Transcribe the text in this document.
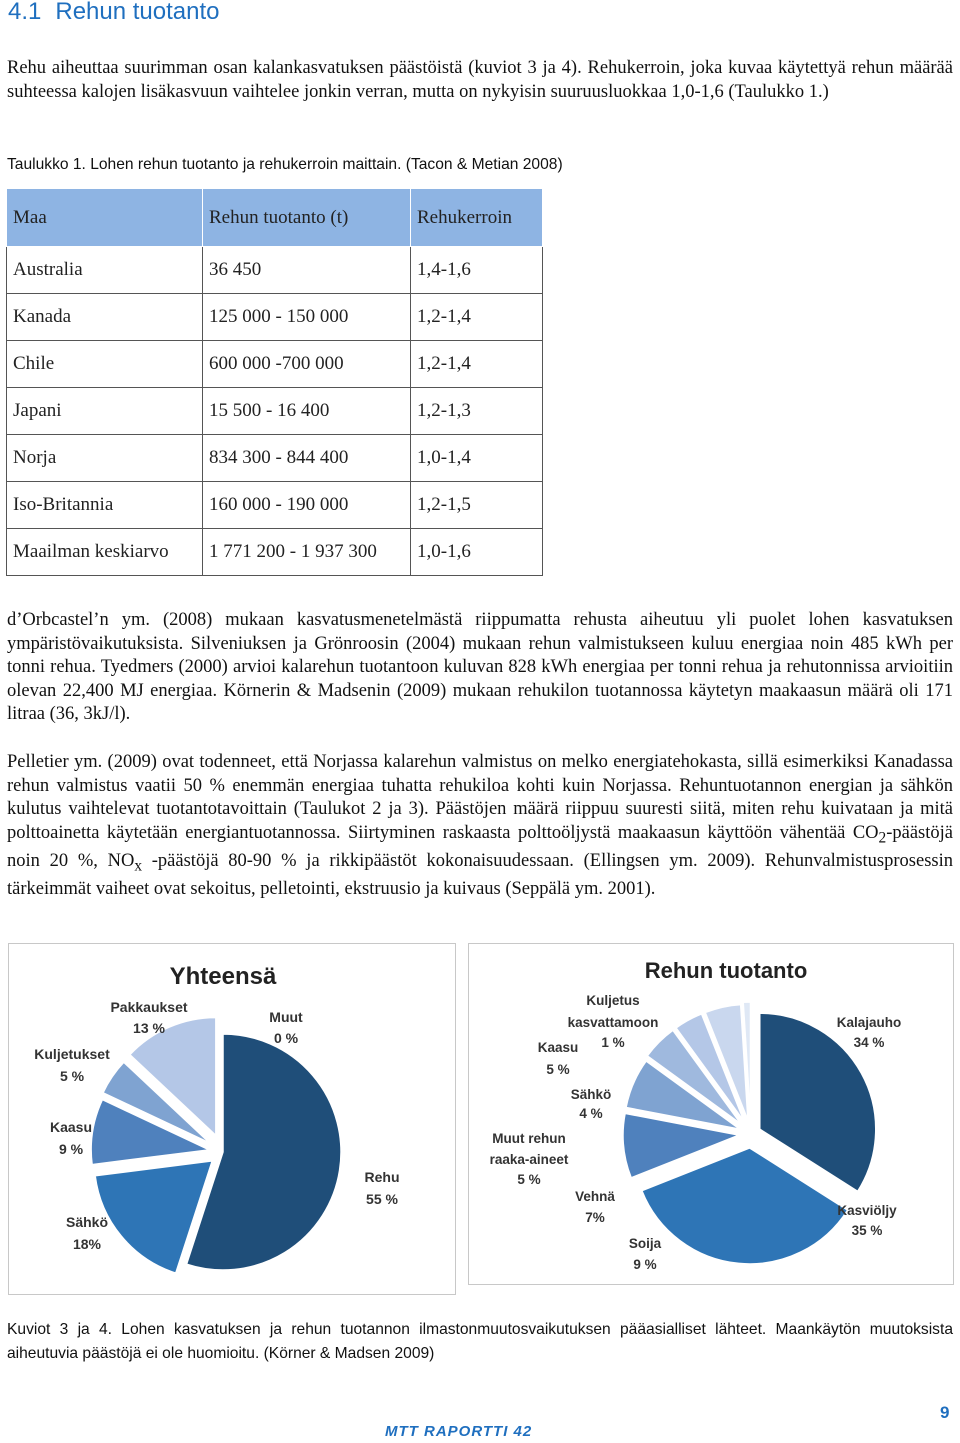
4.1 Rehun tuotanto
Rehu aiheuttaa suurimman osan kalankasvatuksen päästöistä (kuviot 3 ja 4). Rehukerroin, joka kuvaa käytettyä rehun määrää suhteessa kalojen lisäkasvuun vaihtelee jonkin verran, mutta on nykyisin suuruusluokkaa 1,0-1,6 (Taulukko 1.)
Taulukko 1. Lohen rehun tuotanto ja rehukerroin maittain. (Tacon & Metian 2008)
Maa	Rehun tuotanto (t)	Rehukerroin
Australia	36 450	1,4-1,6
Kanada	125 000 - 150 000	1,2-1,4
Chile	600 000 -700 000	1,2-1,4
Japani	15 500 - 16 400	1,2-1,3
Norja	834 300 - 844 400	1,0-1,4
Iso-Britannia	160 000 - 190 000	1,2-1,5
Maailman keskiarvo	1 771 200 - 1 937 300	1,0-1,6
d’Orbcastel’n ym. (2008) mukaan kasvatusmenetelmästä riippumatta rehusta aiheutuu yli puolet lohen kasvatuksen ympäristövaikutuksista. Silveniuksen ja Grönroosin (2004) mukaan rehun valmistukseen kuluu energiaa noin 485 kWh per tonni rehua. Tyedmers (2000) arvioi kalarehun tuotantoon kuluvan 828 kWh energiaa per tonni rehua ja rehutonnissa arvioitiin olevan 22,400 MJ energiaa. Körnerin & Madsenin (2009) mukaan rehukilon tuotannossa käytetyn maakaasun määrä oli 171 litraa (36, 3kJ/l).
Pelletier ym. (2009) ovat todenneet, että Norjassa kalarehun valmistus on melko energiatehokasta, sillä esimerkiksi Kanadassa rehun valmistus vaatii 50 % enemmän energiaa tuhatta rehukiloa kohti kuin Norjassa. Rehuntuotannon energian ja sähkön kulutus vaihtelevat tuotantotavoittain (Taulukot 2 ja 3). Päästöjen määrä riippuu suuresti siitä, miten rehu kuivataan ja mitä polttoainetta käytetään energiantuotannossa. Siirtyminen raskaasta polttoöljystä maakaasun käyttöön vähentää $CO_2$-päästöjä noin 20 %, $NO_x$ -päästöjä 80-90 % ja rikkipäästöt kokonaisuudessaan. (Ellingsen ym. 2009). Rehunvalmistusprosessin tärkeimmät vaiheet ovat sekoitus, pelletointi, ekstruusio ja kuivaus (Seppälä ym. 2001).
Yhteensä
Pakkaukset
13 %
Muut
0 %
Kuljetukset
5 %
Kaasu
9 %
Sähkö
18%
Rehu
55 %
Rehun tuotanto
Kuljetus
kasvattamoon
1 %
Kaasu
5 %
Sähkö
4 %
Muut rehun
raaka-aineet
5 %
Vehnä
7%
Soija
9 %
Kalajauho
34 %
Kasviöljy
35 %
Kuviot 3 ja 4. Lohen kasvatuksen ja rehun tuotannon ilmastonmuutosvaikutuksen pääasialliset lähteet. Maankäytön muutoksista aiheutuvia päästöjä ei ole huomioitu. (Körner & Madsen 2009)
MTT RAPORTTI 42
9
